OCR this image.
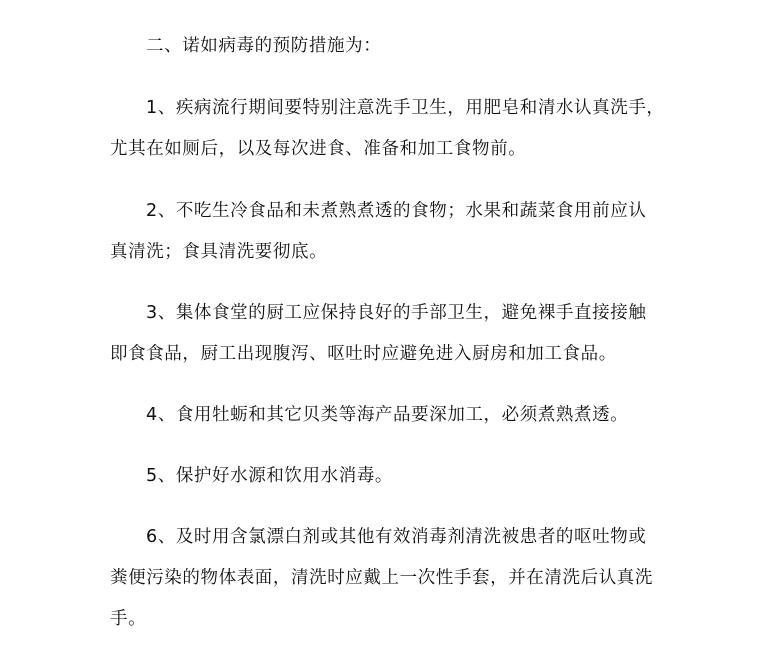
二、诺如病毒的预防措施为：
1、疾病流行期间要特别注意洗手卫生，用肥皂和清水认真洗手，
尤其在如厕后，以及每次进食、准备和加工食物前。
2、不吃生冷食品和未煮熟煮透的食物；水果和蔬菜食用前应认
真清洗；食具清洗要彻底。
3、集体食堂的厨工应保持良好的手部卫生，避免裸手直接接触
即食食品，厨工出现腹泻、呕吐时应避免进入厨房和加工食品。
4、食用牡蛎和其它贝类等海产品要深加工，必须煮熟煮透。
5、保护好水源和饮用水消毒。
6、及时用含氯漂白剂或其他有效消毒剂清洗被患者的呕吐物或
粪便污染的物体表面，清洗时应戴上一次性手套，并在清洗后认真洗
手。
